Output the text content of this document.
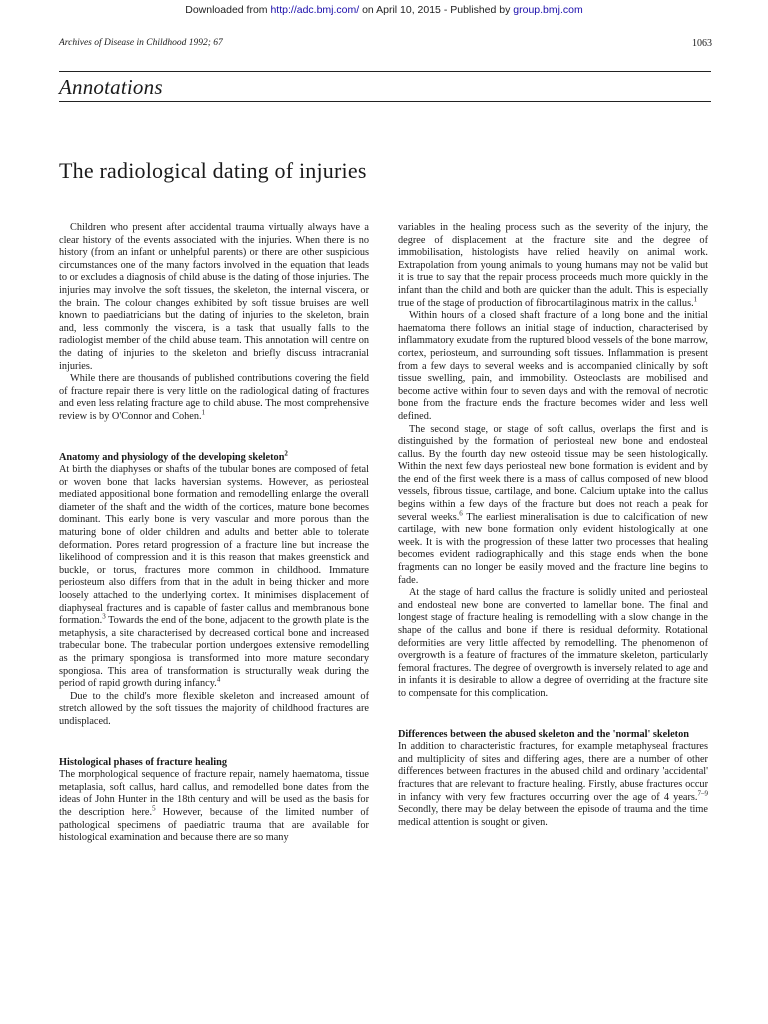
Downloaded from http://adc.bmj.com/ on April 10, 2015 - Published by group.bmj.com
Archives of Disease in Childhood 1992; 67	1063
Annotations
The radiological dating of injuries

Children who present after accidental trauma virtually always have a clear history of the events associated with the injuries. When there is no history (from an infant or unhelpful parents) or there are other suspicious circumstances one of the many factors involved in the equation that leads to or excludes a diagnosis of child abuse is the dating of those injuries. The injuries may involve the soft tissues, the skeleton, the internal viscera, or the brain. The colour changes exhibited by soft tissue bruises are well known to paediatricians but the dating of injuries to the skeleton, brain and, less commonly the viscera, is a task that usually falls to the radiologist member of the child abuse team. This annotation will centre on the dating of injuries to the skeleton and briefly discuss intracranial injuries.

While there are thousands of published contributions covering the field of fracture repair there is very little on the radiological dating of fractures and even less relating fracture age to child abuse. The most comprehensive review is by O'Connor and Cohen.$^1$

Anatomy and physiology of the developing skeleton$^2$

At birth the diaphyses or shafts of the tubular bones are composed of fetal or woven bone that lacks haversian systems. However, as periosteal mediated appositional bone formation and remodelling enlarge the overall diameter of the shaft and the width of the cortices, mature bone becomes dominant. This early bone is very vascular and more porous than the maturing bone of older children and adults and better able to tolerate deformation. Pores retard progression of a fracture line but increase the likelihood of compression and it is this reason that makes greenstick and buckle, or torus, fractures more common in childhood. Immature periosteum also differs from that in the adult in being thicker and more loosely attached to the underlying cortex. It minimises displacement of diaphyseal fractures and is capable of faster callus and membranous bone formation.$^3$ Towards the end of the bone, adjacent to the growth plate is the metaphysis, a site characterised by decreased cortical bone and increased trabecular bone. The trabecular portion undergoes extensive remodelling as the primary spongiosa is transformed into more mature secondary spongiosa. This area of transformation is structurally weak during the period of rapid growth during infancy.$^4$

Due to the child's more flexible skeleton and increased amount of stretch allowed by the soft tissues the majority of childhood fractures are undisplaced.

Histological phases of fracture healing

The morphological sequence of fracture repair, namely haematoma, tissue metaplasia, soft callus, hard callus, and remodelled bone dates from the ideas of John Hunter in the 18th century and will be used as the basis for the description here.$^5$ However, because of the limited number of pathological specimens of paediatric trauma that are available for histological examination and because there are so many

variables in the healing process such as the severity of the injury, the degree of displacement at the fracture site and the degree of immobilisation, histologists have relied heavily on animal work. Extrapolation from young animals to young humans may not be valid but it is true to say that the repair process proceeds much more quickly in the infant than the child and both are quicker than the adult. This is especially true of the stage of production of fibrocartilaginous matrix in the callus.$^1$

Within hours of a closed shaft fracture of a long bone and the initial haematoma there follows an initial stage of induction, characterised by inflammatory exudate from the ruptured blood vessels of the bone marrow, cortex, periosteum, and surrounding soft tissues. Inflammation is present from a few days to several weeks and is accompanied clinically by soft tissue swelling, pain, and immobility. Osteoclasts are mobilised and become active within four to seven days and with the removal of necrotic bone from the fracture ends the fracture becomes wider and less well defined.

The second stage, or stage of soft callus, overlaps the first and is distinguished by the formation of periosteal new bone and endosteal callus. By the fourth day new osteoid tissue may be seen histologically. Within the next few days periosteal new bone formation is evident and by the end of the first week there is a mass of callus composed of new blood vessels, fibrous tissue, cartilage, and bone. Calcium uptake into the callus begins within a few days of the fracture but does not reach a peak for several weeks.$^6$ The earliest mineralisation is due to calcification of new cartilage, with new bone formation only evident histologically at one week. It is with the progression of these latter two processes that healing becomes evident radiographically and this stage ends when the bone fragments can no longer be easily moved and the fracture line begins to fade.

At the stage of hard callus the fracture is solidly united and periosteal and endosteal new bone are converted to lamellar bone. The final and longest stage of fracture healing is remodelling with a slow change in the shape of the callus and bone if there is residual deformity. Rotational deformities are very little affected by remodelling. The phenomenon of overgrowth is a feature of fractures of the immature skeleton, particularly femoral fractures. The degree of overgrowth is inversely related to age and in infants it is desirable to allow a degree of overriding at the fracture site to compensate for this complication.

Differences between the abused skeleton and the 'normal' skeleton

In addition to characteristic fractures, for example metaphyseal fractures and multiplicity of sites and differing ages, there are a number of other differences between fractures in the abused child and ordinary 'accidental' fractures that are relevant to fracture healing. Firstly, abuse fractures occur in infancy with very few fractures occurring over the age of 4 years.$^{7-9}$ Secondly, there may be delay between the episode of trauma and the time medical attention is sought or given.
